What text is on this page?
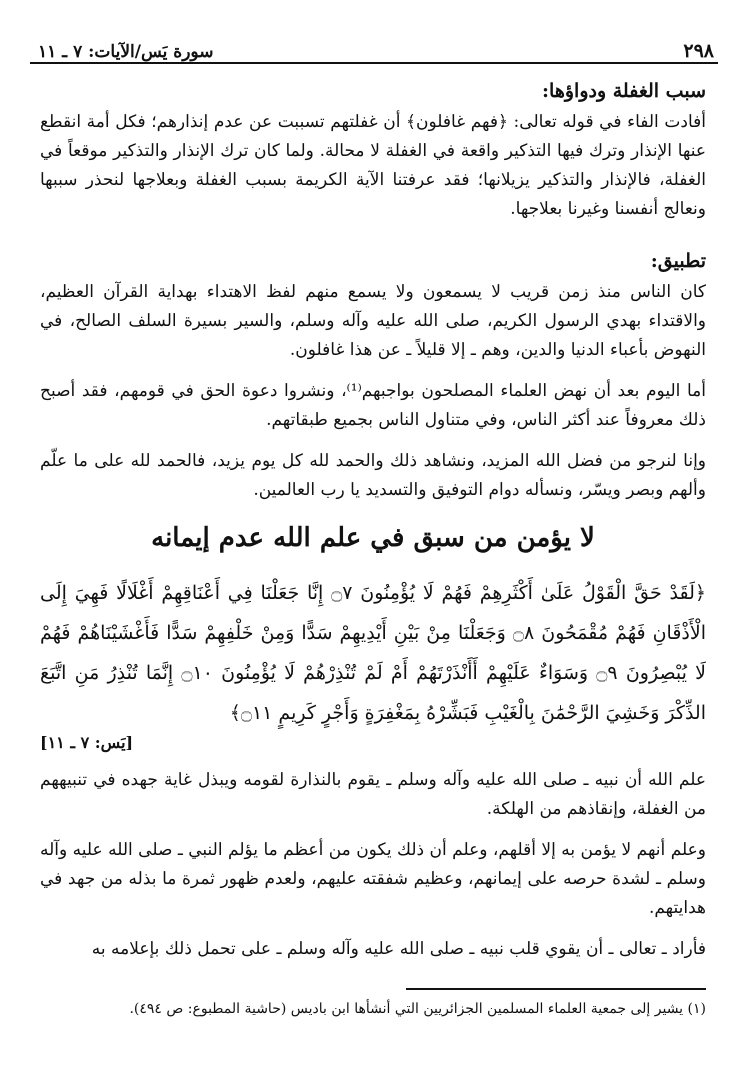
سورة يَس/الآيات: ٧ ـ ١١	٢٩٨
سبب الغفلة ودواؤها:

أفادت الفاء في قوله تعالى: ﴿فهم غافلون﴾ أن غفلتهم تسببت عن عدم إنذارهم؛ فكل أمة انقطع عنها الإنذار وترك فيها التذكير واقعة في الغفلة لا محالة. ولما كان ترك الإنذار والتذكير موقعاً في الغفلة، فالإنذار والتذكير يزيلانها؛ فقد عرفتنا الآية الكريمة بسبب الغفلة وبعلاجها لنحذر سببها ونعالج أنفسنا وغيرنا بعلاجها.

تطبيق:

كان الناس منذ زمن قريب لا يسمعون ولا يسمع منهم لفظ الاهتداء بهداية القرآن العظيم، والاقتداء بهدي الرسول الكريم، صلى الله عليه وآله وسلم، والسير بسيرة السلف الصالح، في النهوض بأعباء الدنيا والدين، وهم ـ إلا قليلاً ـ عن هذا غافلون.

أما اليوم بعد أن نهض العلماء المصلحون بواجبهم⁽¹⁾، ونشروا دعوة الحق في قومهم، فقد أصبح ذلك معروفاً عند أكثر الناس، وفي متناول الناس بجميع طبقاتهم.

وإنا لنرجو من فضل الله المزيد، ونشاهد ذلك والحمد لله كل يوم يزيد، فالحمد لله على ما علّم وألهم وبصر ويسّر، ونسأله دوام التوفيق والتسديد يا رب العالمين.

لا يؤمن من سبق في علم الله عدم إيمانه

﴿لَقَدْ حَقَّ الْقَوْلُ عَلَىٰ أَكْثَرِهِمْ فَهُمْ لَا يُؤْمِنُونَ ۝٧ إِنَّا جَعَلْنَا فِي أَعْنَاقِهِمْ أَغْلَالًا فَهِيَ إِلَى الْأَذْقَانِ فَهُمْ مُقْمَحُونَ ۝٨ وَجَعَلْنَا مِنْ بَيْنِ أَيْدِيهِمْ سَدًّا وَمِنْ خَلْفِهِمْ سَدًّا فَأَغْشَيْنَاهُمْ فَهُمْ لَا يُبْصِرُونَ ۝٩ وَسَوَاءٌ عَلَيْهِمْ أَأَنْذَرْتَهُمْ أَمْ لَمْ تُنْذِرْهُمْ لَا يُؤْمِنُونَ ۝١٠ إِنَّمَا تُنْذِرُ مَنِ اتَّبَعَ الذِّكْرَ وَخَشِيَ الرَّحْمَٰنَ بِالْغَيْبِ فَبَشِّرْهُ بِمَغْفِرَةٍ وَأَجْرٍ كَرِيمٍ ۝١١﴾

[يَس: ٧ ـ ١١]

علم الله أن نبيه ـ صلى الله عليه وآله وسلم ـ يقوم بالنذارة لقومه ويبذل غاية جهده في تنبيههم من الغفلة، وإنقاذهم من الهلكة.

وعلم أنهم لا يؤمن به إلا أقلهم، وعلم أن ذلك يكون من أعظم ما يؤلم النبي ـ صلى الله عليه وآله وسلم ـ لشدة حرصه على إيمانهم، وعظيم شفقته عليهم، ولعدم ظهور ثمرة ما بذله من جهد في هدايتهم.

فأراد ـ تعالى ـ أن يقوي قلب نبيه ـ صلى الله عليه وآله وسلم ـ على تحمل ذلك بإعلامه به

(١) يشير إلى جمعية العلماء المسلمين الجزائريين التي أنشأها ابن باديس (حاشية المطبوع: ص ٤٩٤).
